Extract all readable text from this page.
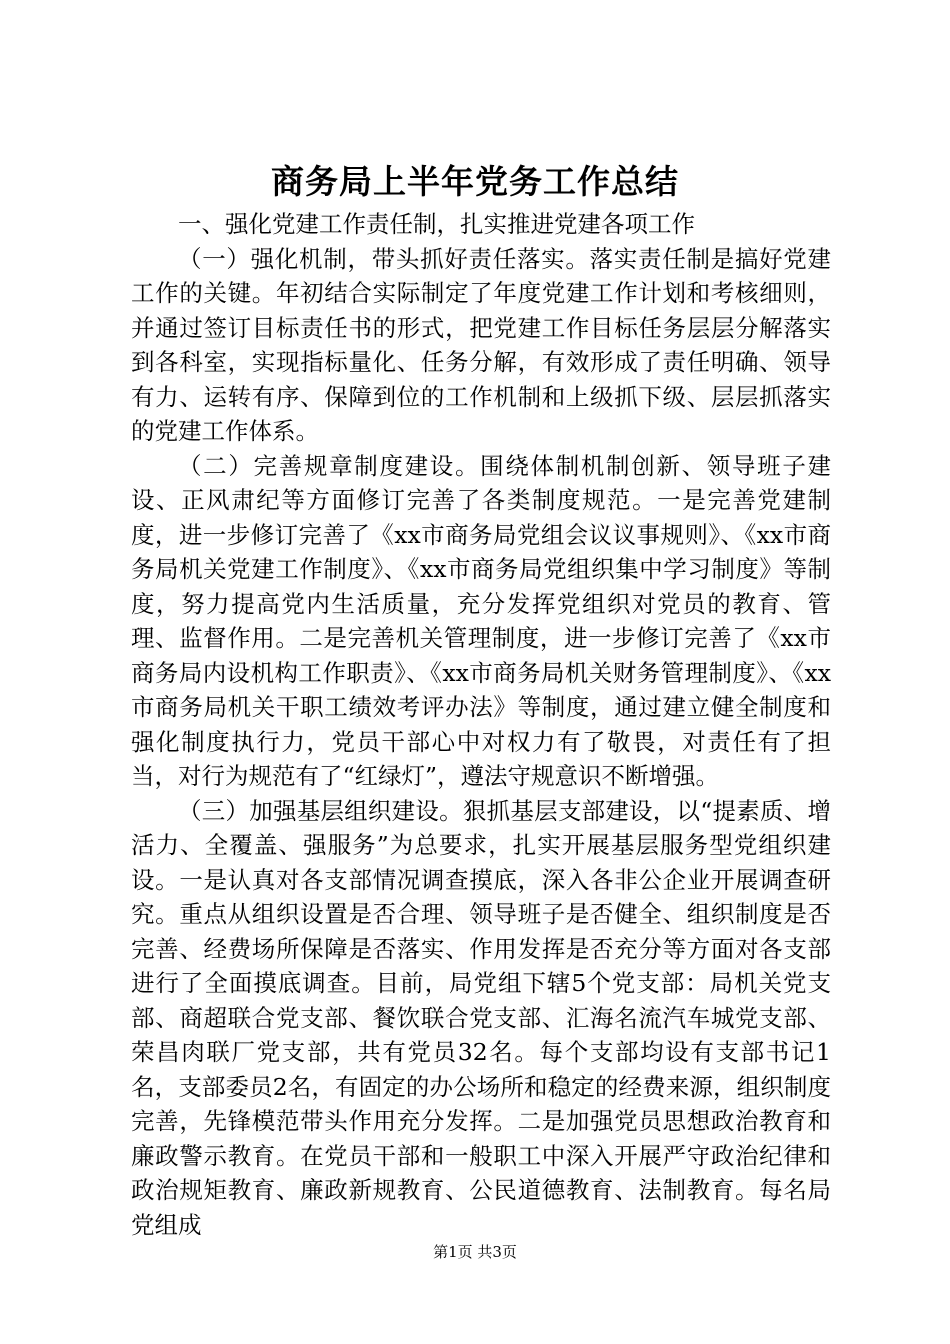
商务局上半年党务工作总结

一、强化党建工作责任制，扎实推进党建各项工作

（一）强化机制，带头抓好责任落实。落实责任制是搞好党建工作的关键。年初结合实际制定了年度党建工作计划和考核细则，并通过签订目标责任书的形式，把党建工作目标任务层层分解落实到各科室，实现指标量化、任务分解，有效形成了责任明确、领导有力、运转有序、保障到位的工作机制和上级抓下级、层层抓落实的党建工作体系。

（二）完善规章制度建设。围绕体制机制创新、领导班子建设、正风肃纪等方面修订完善了各类制度规范。一是完善党建制度，进一步修订完善了《xx市商务局党组会议议事规则》、《xx市商务局机关党建工作制度》、《xx市商务局党组织集中学习制度》等制度，努力提高党内生活质量，充分发挥党组织对党员的教育、管理、监督作用。二是完善机关管理制度，进一步修订完善了《xx市商务局内设机构工作职责》、《xx市商务局机关财务管理制度》、《xx市商务局机关干职工绩效考评办法》等制度，通过建立健全制度和强化制度执行力，党员干部心中对权力有了敬畏，对责任有了担当，对行为规范有了“红绿灯”，遵法守规意识不断增强。

（三）加强基层组织建设。狠抓基层支部建设，以“提素质、增活力、全覆盖、强服务”为总要求，扎实开展基层服务型党组织建设。一是认真对各支部情况调查摸底，深入各非公企业开展调查研究。重点从组织设置是否合理、领导班子是否健全、组织制度是否完善、经费场所保障是否落实、作用发挥是否充分等方面对各支部进行了全面摸底调查。目前，局党组下辖5个党支部：局机关党支部、商超联合党支部、餐饮联合党支部、汇海名流汽车城党支部、荣昌肉联厂党支部，共有党员32名。每个支部均设有支部书记1名，支部委员2名，有固定的办公场所和稳定的经费来源，组织制度完善，先锋模范带头作用充分发挥。二是加强党员思想政治教育和廉政警示教育。在党员干部和一般职工中深入开展严守政治纪律和政治规矩教育、廉政新规教育、公民道德教育、法制教育。每名局党组成

第1页 共3页
